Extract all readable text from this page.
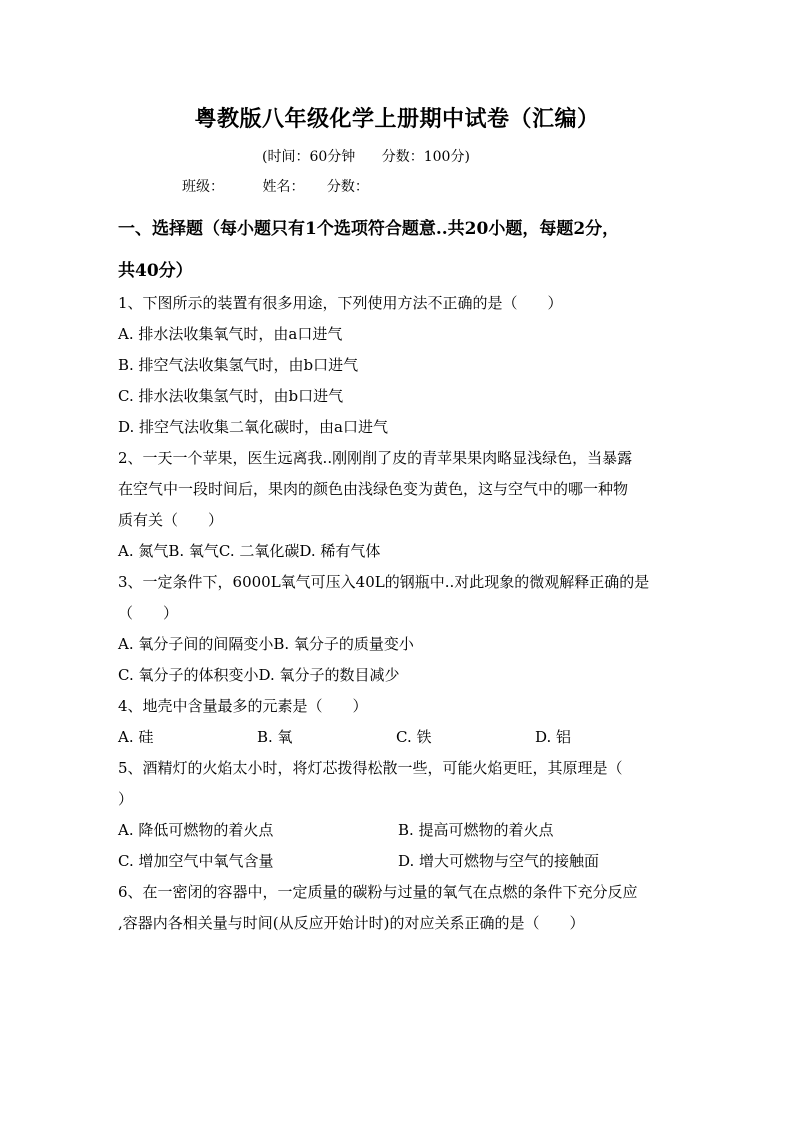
粤教版八年级化学上册期中试卷（汇编）
(时间：60分钟 分数：100分)
班级：	姓名： 分数：
一、选择题（每小题只有1个选项符合题意..共20小题，每题2分，
共40分）
1、下图所示的装置有很多用途，下列使用方法不正确的是（　　）
A. 排水法收集氧气时，由a口进气
B. 排空气法收集氢气时，由b口进气
C. 排水法收集氢气时，由b口进气
D. 排空气法收集二氧化碳时，由a口进气
2、一天一个苹果，医生远离我..刚刚削了皮的青苹果果肉略显浅绿色，当暴露
在空气中一段时间后，果肉的颜色由浅绿色变为黄色，这与空气中的哪一种物
质有关（　　）
A. 氮气B. 氧气C. 二氧化碳D. 稀有气体
3、一定条件下，6000L氧气可压入40L的钢瓶中..对此现象的微观解释正确的是
（　　）
A. 氧分子间的间隔变小B. 氧分子的质量变小
C. 氧分子的体积变小D. 氧分子的数目减少
4、地壳中含量最多的元素是（　　）
A. 硅	B. 氧	C. 铁	D. 铝
5、酒精灯的火焰太小时，将灯芯拨得松散一些，可能火焰更旺，其原理是（
）
A. 降低可燃物的着火点	B. 提高可燃物的着火点
C. 增加空气中氧气含量	D. 增大可燃物与空气的接触面
6、在一密闭的容器中，一定质量的碳粉与过量的氧气在点燃的条件下充分反应
,容器内各相关量与时间(从反应开始计时)的对应关系正确的是（　　）
